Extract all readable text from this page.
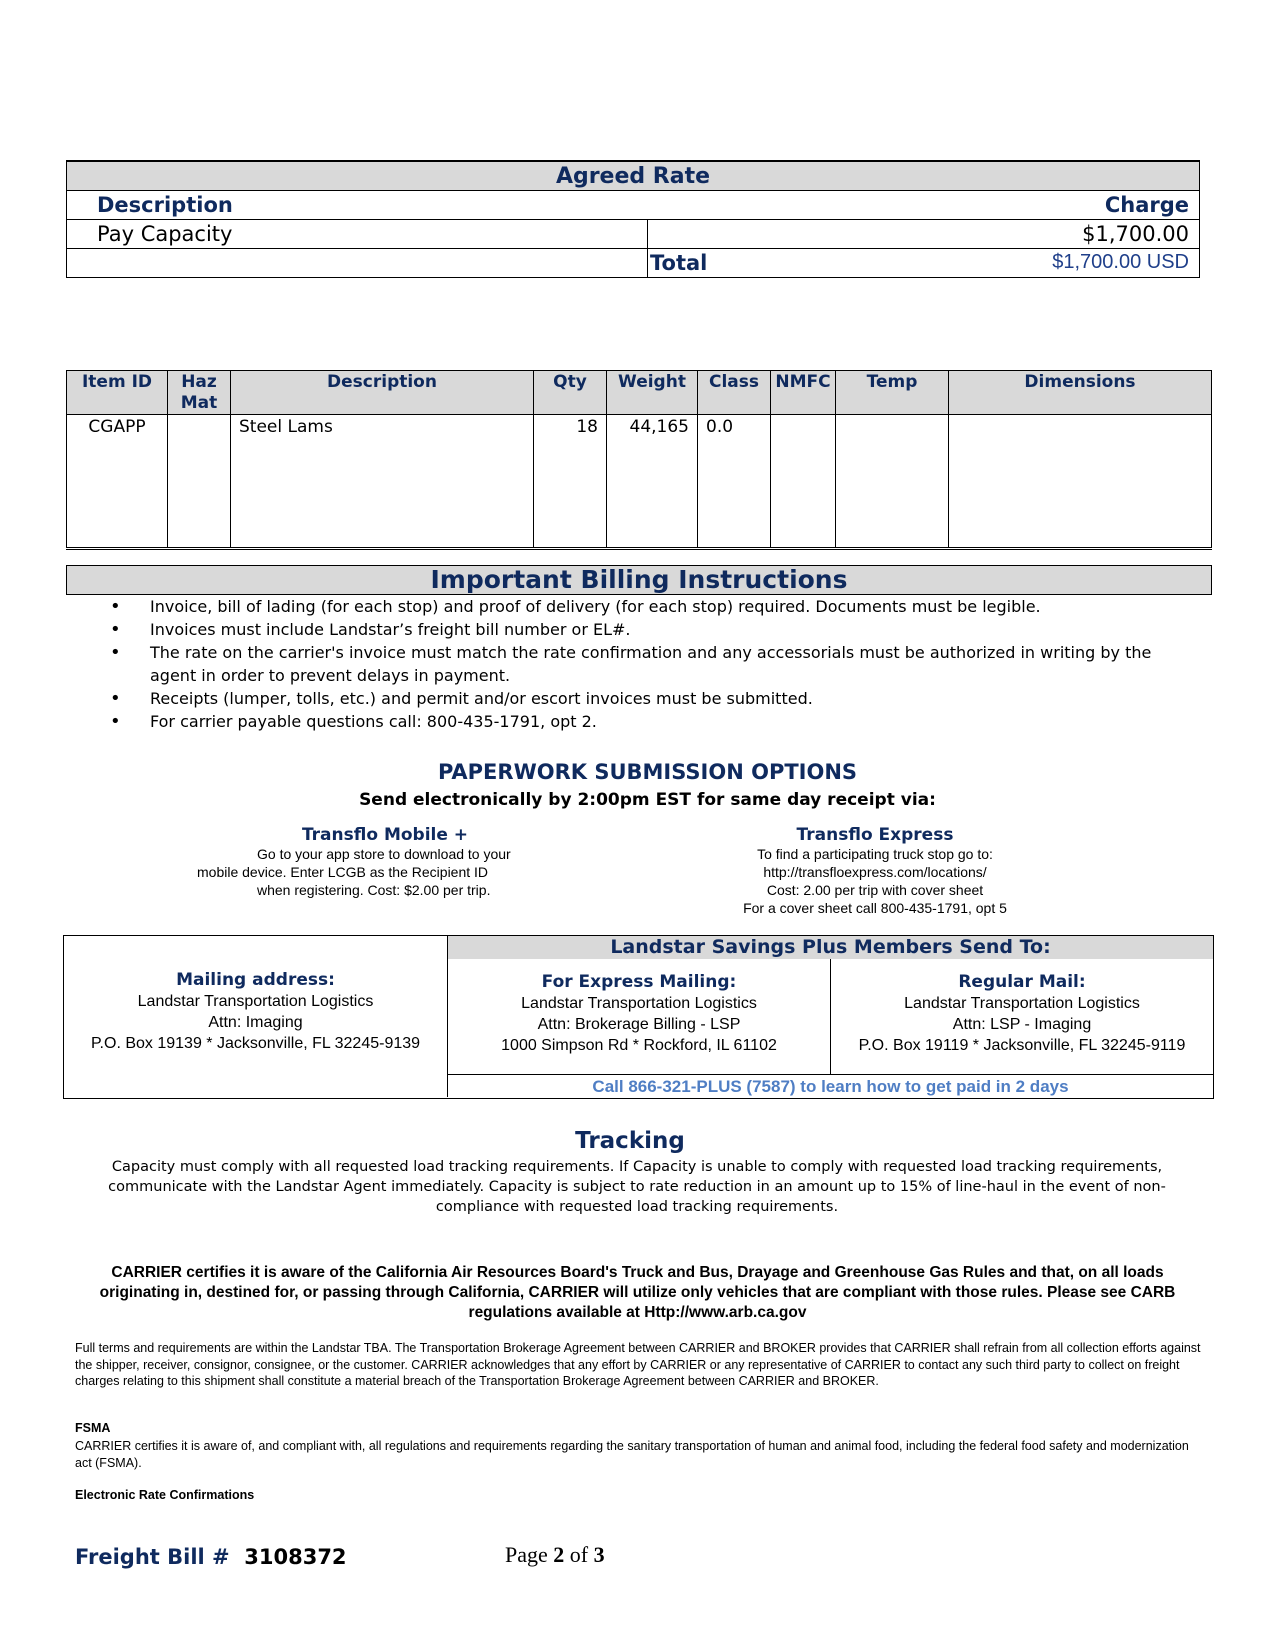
Agreed Rate	
Description	Charge
Pay Capacity	$1,700.00

	Total $1,700.00 USD
Item ID	Haz Mat	Description	Qty	Weight	Class	NMFC	Temp	Dimensions
CGAPP		Steel Lams	18	44,165	0.0			
Important Billing Instructions
• Invoice, bill of lading (for each stop) and proof of delivery (for each stop) required. Documents must be legible.
• Invoices must include Landstar’s freight bill number or EL#.
• The rate on the carrier's invoice must match the rate confirmation and any accessorials must be authorized in writing by the agent in order to prevent delays in payment.
• Receipts (lumper, tolls, etc.) and permit and/or escort invoices must be submitted.
• For carrier payable questions call: 800-435-1791, opt 2.
PAPERWORK SUBMISSION OPTIONS
Send electronically by 2:00pm EST for same day receipt via:
Transflo Mobile +
Go to your app store to download to your
mobile device. Enter LCGB as the Recipient ID
when registering. Cost: $2.00 per trip.
Transflo Express
To find a participating truck stop go to:
http://transfloexpress.com/locations/
Cost: 2.00 per trip with cover sheet
For a cover sheet call 800-435-1791, opt 5
Mailing address:
Landstar Transportation Logistics
Attn: Imaging
P.O. Box 19139 * Jacksonville, FL 32245-9139
Landstar Savings Plus Members Send To:
For Express Mailing:
Landstar Transportation Logistics
Attn: Brokerage Billing - LSP
1000 Simpson Rd * Rockford, IL 61102
Regular Mail:
Landstar Transportation Logistics
Attn: LSP - Imaging
P.O. Box 19119 * Jacksonville, FL 32245-9119
Call 866-321-PLUS (7587) to learn how to get paid in 2 days
Tracking
Capacity must comply with all requested load tracking requirements. If Capacity is unable to comply with requested load tracking requirements, communicate with the Landstar Agent immediately. Capacity is subject to rate reduction in an amount up to 15% of line-haul in the event of non-compliance with requested load tracking requirements.
CARRIER certifies it is aware of the California Air Resources Board's Truck and Bus, Drayage and Greenhouse Gas Rules and that, on all loads originating in, destined for, or passing through California, CARRIER will utilize only vehicles that are compliant with those rules. Please see CARB regulations available at Http://www.arb.ca.gov
Full terms and requirements are within the Landstar TBA. The Transportation Brokerage Agreement between CARRIER and BROKER provides that CARRIER shall refrain from all collection efforts against the shipper, receiver, consignor, consignee, or the customer. CARRIER acknowledges that any effort by CARRIER or any representative of CARRIER to contact any such third party to collect on freight charges relating to this shipment shall constitute a material breach of the Transportation Brokerage Agreement between CARRIER and BROKER.
FSMA
CARRIER certifies it is aware of, and compliant with, all regulations and requirements regarding the sanitary transportation of human and animal food, including the federal food safety and modernization act (FSMA).
Electronic Rate Confirmations
Freight Bill # 3108372	Page 2 of 3
